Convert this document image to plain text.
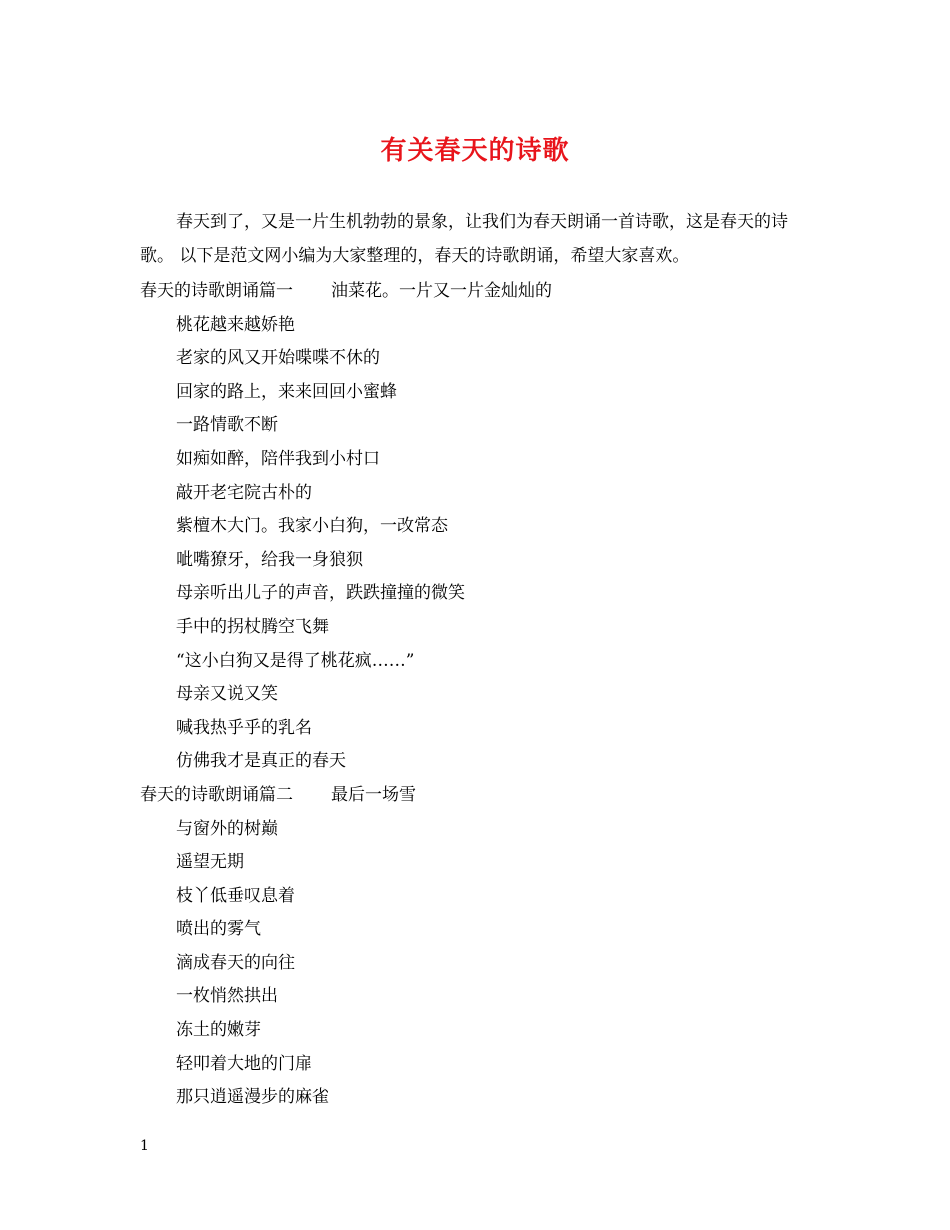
有关春天的诗歌

春天到了，又是一片生机勃勃的景象，让我们为春天朗诵一首诗歌，这是春天的诗歌。 以下是范文网小编为大家整理的，春天的诗歌朗诵，希望大家喜欢。

春天的诗歌朗诵篇一 油菜花。一片又一片金灿灿的
桃花越来越娇艳
老家的风又开始喋喋不休的
回家的路上，来来回回小蜜蜂
一路情歌不断
如痴如醉，陪伴我到小村口
敲开老宅院古朴的
紫檀木大门。我家小白狗，一改常态
呲嘴獠牙，给我一身狼狈
母亲听出儿子的声音，跌跌撞撞的微笑
手中的拐杖腾空飞舞
“这小白狗又是得了桃花疯……”
母亲又说又笑
喊我热乎乎的乳名
仿佛我才是真正的春天
春天的诗歌朗诵篇二 最后一场雪
与窗外的树巅
遥望无期
枝丫低垂叹息着
喷出的雾气
滴成春天的向往
一枚悄然拱出
冻土的嫩芽
轻叩着大地的门扉
那只逍遥漫步的麻雀
1
